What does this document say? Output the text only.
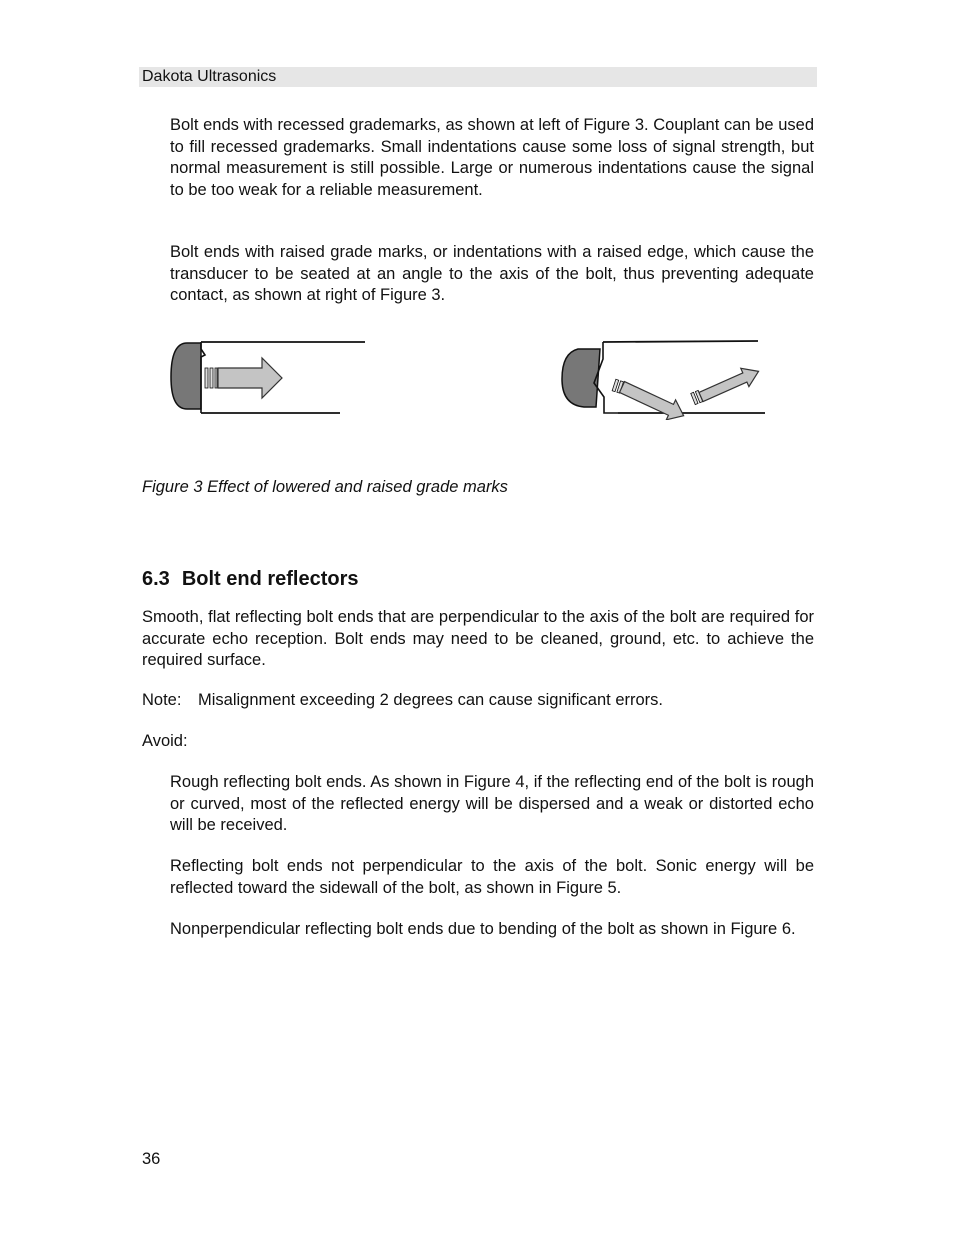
Dakota Ultrasonics

Bolt ends with recessed grademarks, as shown at left of Figure 3. Couplant can be used to fill recessed grademarks. Small indentations cause some loss of signal strength, but normal measurement is still possible. Large or numerous indentations cause the signal to be too weak for a reliable measurement.

Bolt ends with raised grade marks, or indentations with a raised edge, which cause the transducer to be seated at an angle to the axis of the bolt, thus preventing adequate contact, as shown at right of Figure 3.

Figure 3 Effect of lowered and raised grade marks
6.3 Bolt end reflectors

Smooth, flat reflecting bolt ends that are perpendicular to the axis of the bolt are required for accurate echo reception. Bolt ends may need to be cleaned, ground, etc. to achieve the required surface.

Note: Misalignment exceeding 2 degrees can cause significant errors.
Avoid:

Rough reflecting bolt ends. As shown in Figure 4, if the reflecting end of the bolt is rough or curved, most of the reflected energy will be dispersed and a weak or distorted echo will be received.

Reflecting bolt ends not perpendicular to the axis of the bolt. Sonic energy will be reflected toward the sidewall of the bolt, as shown in Figure 5.

Nonperpendicular reflecting bolt ends due to bending of the bolt as shown in Figure 6.

36
